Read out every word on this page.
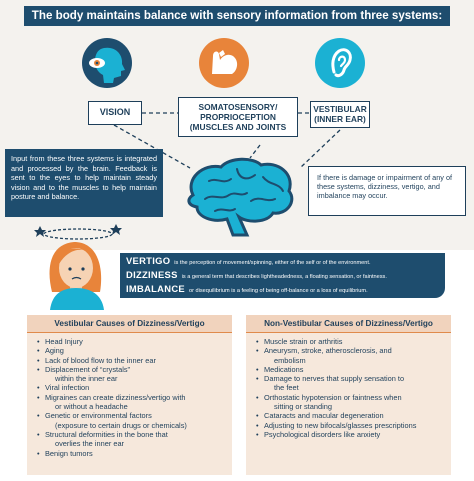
The body maintains balance with sensory information from three systems:
VISION	SOMATOSENSORY/
PROPRIOCEPTION
(MUSCLES AND JOINTS
VESTIBULAR
(INNER EAR)
Input from these three systems is integrated and processed by the brain. Feedback is sent to the eyes to help maintain steady vision and to the muscles to help maintain posture and balance.
If there is damage or impairment of any of these systems, dizziness, vertigo, and imbalance may occur.
VERTIGO is the perception of movement/spinning, either of the self or of the environment.
DIZZINESS is a general term that describes lightheadedness, a floating sensation, or faintness.
IMBALANCE or disequilibrium is a feeling of being off-balance or a loss of equilibrium.
Vestibular Causes of Dizziness/Vertigo
• Head Injury
• Aging
• Lack of blood flow to the inner ear
• Displacement of “crystals”
within the inner ear
• Viral infection
• Migraines can create dizziness/vertigo with
or without a headache
• Genetic or environmental factors
(exposure to certain drugs or chemicals)
• Structural deformities in the bone that
overlies the inner ear
• Benign tumors
Non-Vestibular Causes of Dizziness/Vertigo
• Muscle strain or arthritis
• Aneurysm, stroke, atherosclerosis, and
embolism
• Medications
• Damage to nerves that supply sensation to
the feet
• Orthostatic hypotension or faintness when
sitting or standing
• Cataracts and macular degeneration
• Adjusting to new bifocals/glasses prescriptions
• Psychological disorders like anxiety
